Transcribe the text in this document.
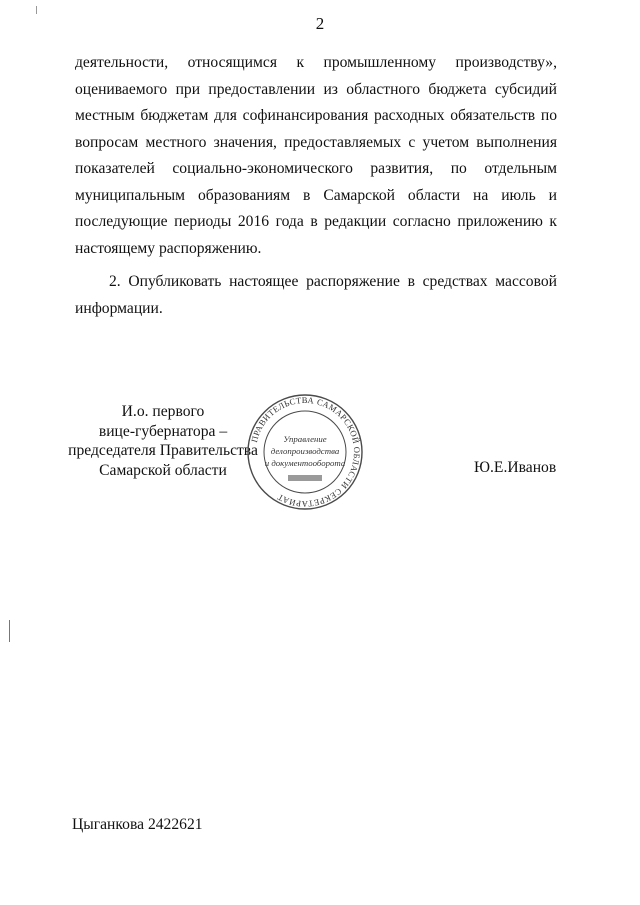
2
деятельности, относящимся к промышленному производству»,
оцениваемого при предоставлении из областного бюджета субсидий
местным бюджетам для софинансирования расходных обязательств по
вопросам местного значения, предоставляемых с учетом выполнения
показателей социально-экономического развития, по отдельным
муниципальным образованиям в Самарской области на июль и
последующие периоды 2016 года в редакции согласно приложению к
настоящему распоряжению.
2. Опубликовать настоящее распоряжение в средствах массовой
информации.
И.о. первого
вице-губернатора –
председателя Правительства
Самарской области
ПРАВИТЕЛЬСТВА САМАРСКОЙ ОБЛАСТИ СЕКРЕТАРИАТ
Управление
делопроизводства
и документооборота	Ю.Е.Иванов
Цыганкова 2422621
